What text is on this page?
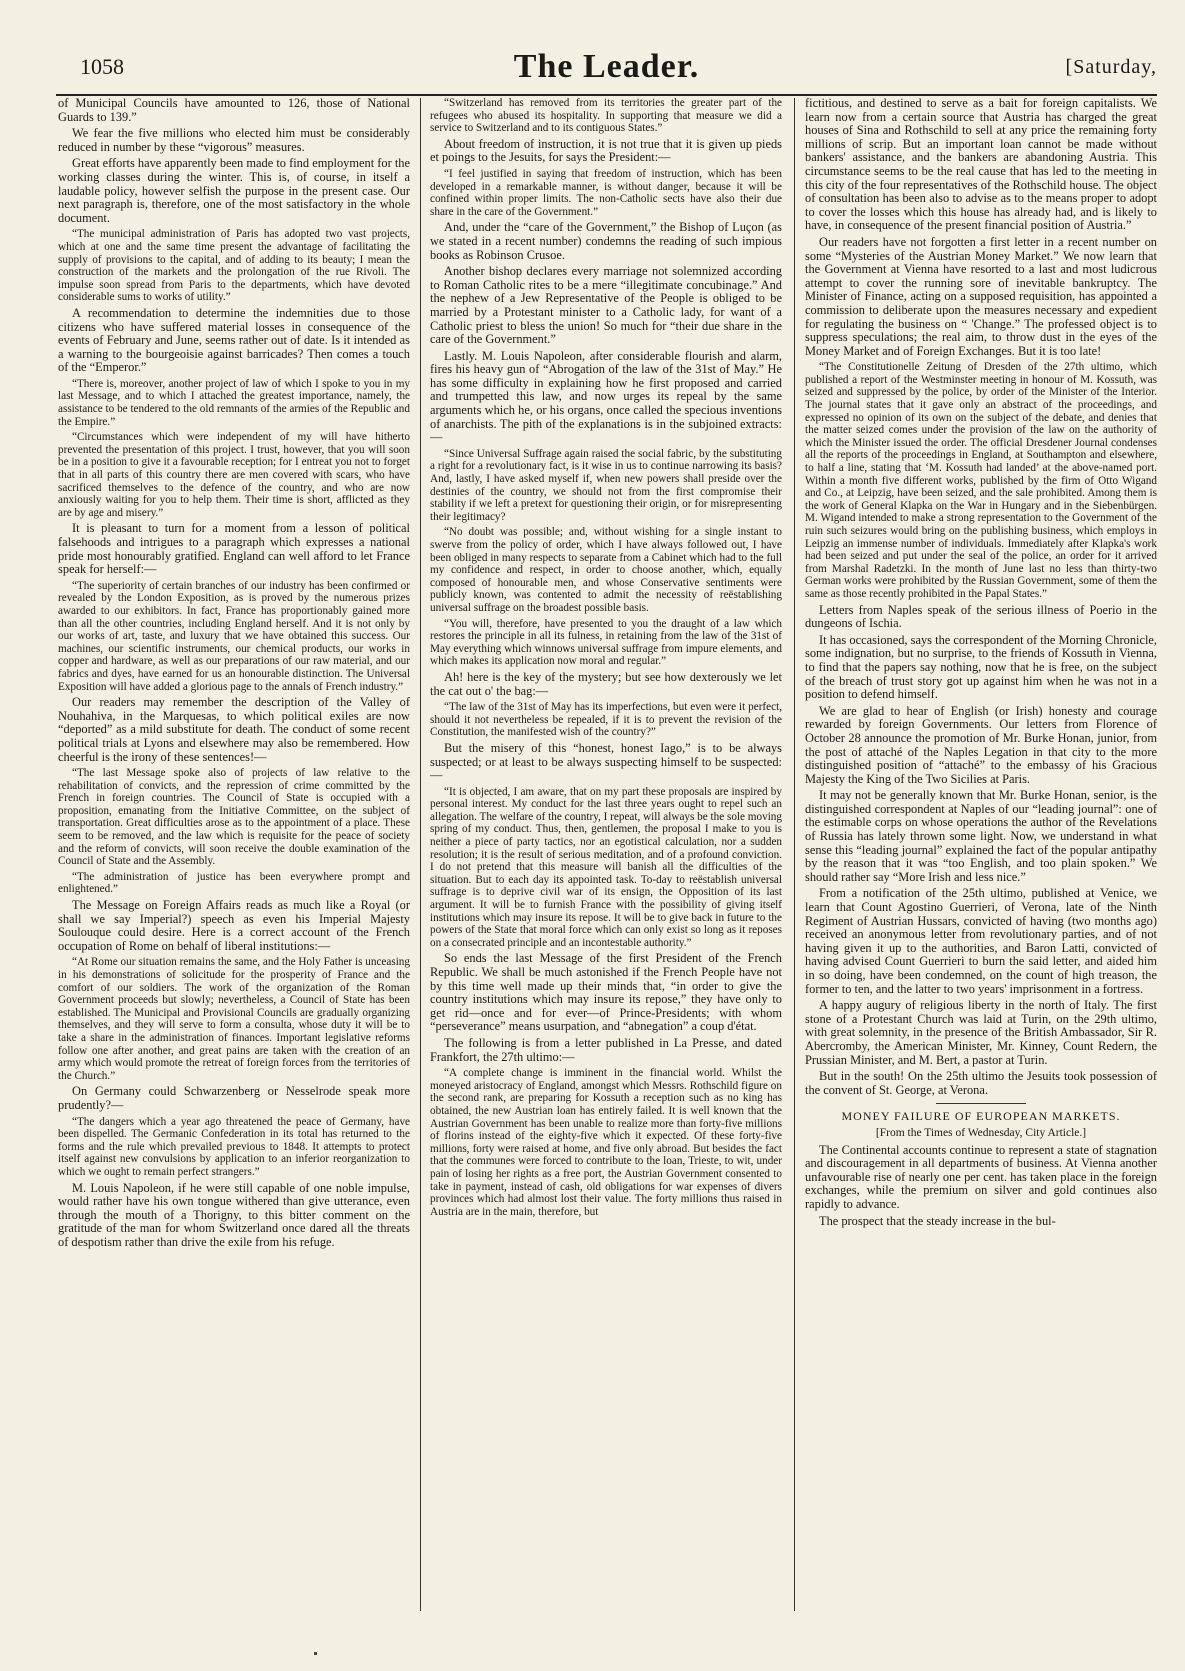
1058	The Leader.	[Saturday,

of Municipal Councils have amounted to 126, those of National Guards to 139.”

We fear the five millions who elected him must be considerably reduced in number by these “vigorous” measures.

Great efforts have apparently been made to find employment for the working classes during the winter. This is, of course, in itself a laudable policy, however selfish the purpose in the present case. Our next paragraph is, therefore, one of the most satisfactory in the whole document.

“The municipal administration of Paris has adopted two vast projects, which at one and the same time present the advantage of facilitating the supply of provisions to the capital, and of adding to its beauty; I mean the construction of the markets and the prolongation of the rue Rivoli. The impulse soon spread from Paris to the departments, which have devoted considerable sums to works of utility.”

A recommendation to determine the indemnities due to those citizens who have suffered material losses in consequence of the events of February and June, seems rather out of date. Is it intended as a warning to the bourgeoisie against barricades? Then comes a touch of the “Emperor.”

“There is, moreover, another project of law of which I spoke to you in my last Message, and to which I attached the greatest importance, namely, the assistance to be tendered to the old remnants of the armies of the Republic and the Empire.”

“Circumstances which were independent of my will have hitherto prevented the presentation of this project. I trust, however, that you will soon be in a position to give it a favourable reception; for I entreat you not to forget that in all parts of this country there are men covered with scars, who have sacrificed themselves to the defence of the country, and who are now anxiously waiting for you to help them. Their time is short, afflicted as they are by age and misery.”

It is pleasant to turn for a moment from a lesson of political falsehoods and intrigues to a paragraph which expresses a national pride most honourably gratified. England can well afford to let France speak for herself:—

“The superiority of certain branches of our industry has been confirmed or revealed by the London Exposition, as is proved by the numerous prizes awarded to our exhibitors. In fact, France has proportionably gained more than all the other countries, including England herself. And it is not only by our works of art, taste, and luxury that we have obtained this success. Our machines, our scientific instruments, our chemical products, our works in copper and hardware, as well as our preparations of our raw material, and our fabrics and dyes, have earned for us an honourable distinction. The Universal Exposition will have added a glorious page to the annals of French industry.”

Our readers may remember the description of the Valley of Nouhahiva, in the Marquesas, to which political exiles are now “deported” as a mild substitute for death. The conduct of some recent political trials at Lyons and elsewhere may also be remembered. How cheerful is the irony of these sentences!—

“The last Message spoke also of projects of law relative to the rehabilitation of convicts, and the repression of crime committed by the French in foreign countries. The Council of State is occupied with a proposition, emanating from the Initiative Committee, on the subject of transportation. Great difficulties arose as to the appointment of a place. These seem to be removed, and the law which is requisite for the peace of society and the reform of convicts, will soon receive the double examination of the Council of State and the Assembly.

“The administration of justice has been everywhere prompt and enlightened.”

The Message on Foreign Affairs reads as much like a Royal (or shall we say Imperial?) speech as even his Imperial Majesty Soulouque could desire. Here is a correct account of the French occupation of Rome on behalf of liberal institutions:—

“At Rome our situation remains the same, and the Holy Father is unceasing in his demonstrations of solicitude for the prosperity of France and the comfort of our soldiers. The work of the organization of the Roman Government proceeds but slowly; nevertheless, a Council of State has been established. The Municipal and Provisional Councils are gradually organizing themselves, and they will serve to form a consulta, whose duty it will be to take a share in the administration of finances. Important legislative reforms follow one after another, and great pains are taken with the creation of an army which would promote the retreat of foreign forces from the territories of the Church.”

On Germany could Schwarzenberg or Nesselrode speak more prudently?—

“The dangers which a year ago threatened the peace of Germany, have been dispelled. The Germanic Confederation in its total has returned to the forms and the rule which prevailed previous to 1848. It attempts to protect itself against new convulsions by application to an inferior reorganization to which we ought to remain perfect strangers.”

M. Louis Napoleon, if he were still capable of one noble impulse, would rather have his own tongue withered than give utterance, even through the mouth of a Thorigny, to this bitter comment on the gratitude of the man for whom Switzerland once dared all the threats of despotism rather than drive the exile from his refuge.

“Switzerland has removed from its territories the greater part of the refugees who abused its hospitality. In supporting that measure we did a service to Switzerland and to its contiguous States.”

About freedom of instruction, it is not true that it is given up pieds et poings to the Jesuits, for says the President:—

“I feel justified in saying that freedom of instruction, which has been developed in a remarkable manner, is without danger, because it will be confined within proper limits. The non-Catholic sects have also their due share in the care of the Government.”

And, under the “care of the Government,” the Bishop of Luçon (as we stated in a recent number) condemns the reading of such impious books as Robinson Crusoe.

Another bishop declares every marriage not solemnized according to Roman Catholic rites to be a mere “illegitimate concubinage.” And the nephew of a Jew Representative of the People is obliged to be married by a Protestant minister to a Catholic lady, for want of a Catholic priest to bless the union! So much for “their due share in the care of the Government.”

Lastly. M. Louis Napoleon, after considerable flourish and alarm, fires his heavy gun of “Abrogation of the law of the 31st of May.” He has some difficulty in explaining how he first proposed and carried and trumpetted this law, and now urges its repeal by the same arguments which he, or his organs, once called the specious inventions of anarchists. The pith of the explanations is in the subjoined extracts:—

“Since Universal Suffrage again raised the social fabric, by the substituting a right for a revolutionary fact, is it wise in us to continue narrowing its basis? And, lastly, I have asked myself if, when new powers shall preside over the destinies of the country, we should not from the first compromise their stability if we left a pretext for questioning their origin, or for misrepresenting their legitimacy?

“No doubt was possible; and, without wishing for a single instant to swerve from the policy of order, which I have always followed out, I have been obliged in many respects to separate from a Cabinet which had to the full my confidence and respect, in order to choose another, which, equally composed of honourable men, and whose Conservative sentiments were publicly known, was contented to admit the necessity of reëstablishing universal suffrage on the broadest possible basis.

“You will, therefore, have presented to you the draught of a law which restores the principle in all its fulness, in retaining from the law of the 31st of May everything which winnows universal suffrage from impure elements, and which makes its application now moral and regular.”

Ah! here is the key of the mystery; but see how dexterously we let the cat out o' the bag:—

“The law of the 31st of May has its imperfections, but even were it perfect, should it not nevertheless be repealed, if it is to prevent the revision of the Constitution, the manifested wish of the country?”

But the misery of this “honest, honest Iago,” is to be always suspected; or at least to be always suspecting himself to be suspected:—

“It is objected, I am aware, that on my part these proposals are inspired by personal interest. My conduct for the last three years ought to repel such an allegation. The welfare of the country, I repeat, will always be the sole moving spring of my conduct. Thus, then, gentlemen, the proposal I make to you is neither a piece of party tactics, nor an egotistical calculation, nor a sudden resolution; it is the result of serious meditation, and of a profound conviction. I do not pretend that this measure will banish all the difficulties of the situation. But to each day its appointed task. To-day to reëstablish universal suffrage is to deprive civil war of its ensign, the Opposition of its last argument. It will be to furnish France with the possibility of giving itself institutions which may insure its repose. It will be to give back in future to the powers of the State that moral force which can only exist so long as it reposes on a consecrated principle and an incontestable authority.”

So ends the last Message of the first President of the French Republic. We shall be much astonished if the French People have not by this time well made up their minds that, “in order to give the country institutions which may insure its repose,” they have only to get rid—once and for ever—of Prince-Presidents; with whom “perseverance” means usurpation, and “abnegation” a coup d'état.

The following is from a letter published in La Presse, and dated Frankfort, the 27th ultimo:—

“A complete change is imminent in the financial world. Whilst the moneyed aristocracy of England, amongst which Messrs. Rothschild figure on the second rank, are preparing for Kossuth a reception such as no king has obtained, the new Austrian loan has entirely failed. It is well known that the Austrian Government has been unable to realize more than forty-five millions of florins instead of the eighty-five which it expected. Of these forty-five millions, forty were raised at home, and five only abroad. But besides the fact that the communes were forced to contribute to the loan, Trieste, to wit, under pain of losing her rights as a free port, the Austrian Government consented to take in payment, instead of cash, old obligations for war expenses of divers provinces which had almost lost their value. The forty millions thus raised in Austria are in the main, therefore, but

fictitious, and destined to serve as a bait for foreign capitalists. We learn now from a certain source that Austria has charged the great houses of Sina and Rothschild to sell at any price the remaining forty millions of scrip. But an important loan cannot be made without bankers' assistance, and the bankers are abandoning Austria. This circumstance seems to be the real cause that has led to the meeting in this city of the four representatives of the Rothschild house. The object of consultation has been also to advise as to the means proper to adopt to cover the losses which this house has already had, and is likely to have, in consequence of the present financial position of Austria.”

Our readers have not forgotten a first letter in a recent number on some “Mysteries of the Austrian Money Market.” We now learn that the Government at Vienna have resorted to a last and most ludicrous attempt to cover the running sore of inevitable bankruptcy. The Minister of Finance, acting on a supposed requisition, has appointed a commission to deliberate upon the measures necessary and expedient for regulating the business on “ 'Change.” The professed object is to suppress speculations; the real aim, to throw dust in the eyes of the Money Market and of Foreign Exchanges. But it is too late!

“The Constitutionelle Zeitung of Dresden of the 27th ultimo, which published a report of the Westminster meeting in honour of M. Kossuth, was seized and suppressed by the police, by order of the Minister of the Interior. The journal states that it gave only an abstract of the proceedings, and expressed no opinion of its own on the subject of the debate, and denies that the matter seized comes under the provision of the law on the authority of which the Minister issued the order. The official Dresdener Journal condenses all the reports of the proceedings in England, at Southampton and elsewhere, to half a line, stating that ‘M. Kossuth had landed’ at the above-named port. Within a month five different works, published by the firm of Otto Wigand and Co., at Leipzig, have been seized, and the sale prohibited. Among them is the work of General Klapka on the War in Hungary and in the Siebenbürgen. M. Wigand intended to make a strong representation to the Government of the ruin such seizures would bring on the publishing business, which employs in Leipzig an immense number of individuals. Immediately after Klapka's work had been seized and put under the seal of the police, an order for it arrived from Marshal Radetzki. In the month of June last no less than thirty-two German works were prohibited by the Russian Government, some of them the same as those recently prohibited in the Papal States.”

Letters from Naples speak of the serious illness of Poerio in the dungeons of Ischia.

It has occasioned, says the correspondent of the Morning Chronicle, some indignation, but no surprise, to the friends of Kossuth in Vienna, to find that the papers say nothing, now that he is free, on the subject of the breach of trust story got up against him when he was not in a position to defend himself.

We are glad to hear of English (or Irish) honesty and courage rewarded by foreign Governments. Our letters from Florence of October 28 announce the promotion of Mr. Burke Honan, junior, from the post of attaché of the Naples Legation in that city to the more distinguished position of “attaché” to the embassy of his Gracious Majesty the King of the Two Sicilies at Paris.

It may not be generally known that Mr. Burke Honan, senior, is the distinguished correspondent at Naples of our “leading journal”: one of the estimable corps on whose operations the author of the Revelations of Russia has lately thrown some light. Now, we understand in what sense this “leading journal” explained the fact of the popular antipathy by the reason that it was “too English, and too plain spoken.” We should rather say “More Irish and less nice.”

From a notification of the 25th ultimo, published at Venice, we learn that Count Agostino Guerrieri, of Verona, late of the Ninth Regiment of Austrian Hussars, convicted of having (two months ago) received an anonymous letter from revolutionary parties, and of not having given it up to the authorities, and Baron Latti, convicted of having advised Count Guerrieri to burn the said letter, and aided him in so doing, have been condemned, on the count of high treason, the former to ten, and the latter to two years' imprisonment in a fortress.

A happy augury of religious liberty in the north of Italy. The first stone of a Protestant Church was laid at Turin, on the 29th ultimo, with great solemnity, in the presence of the British Ambassador, Sir R. Abercromby, the American Minister, Mr. Kinney, Count Redern, the Prussian Minister, and M. Bert, a pastor at Turin.

But in the south! On the 25th ultimo the Jesuits took possession of the convent of St. George, at Verona.

MONEY FAILURE OF EUROPEAN MARKETS.

[From the Times of Wednesday, City Article.]

The Continental accounts continue to represent a state of stagnation and discouragement in all departments of business. At Vienna another unfavourable rise of nearly one per cent. has taken place in the foreign exchanges, while the premium on silver and gold continues also rapidly to advance.

The prospect that the steady increase in the bul-
